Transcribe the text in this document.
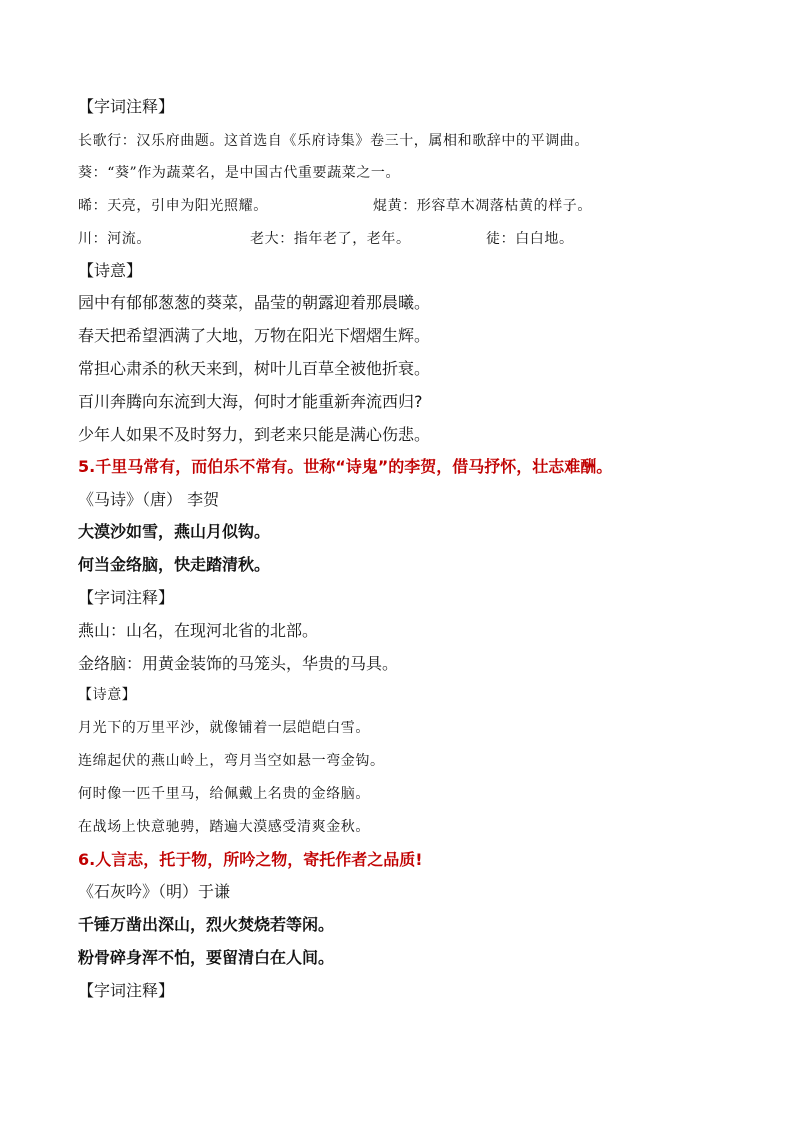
【字词注释】
长歌行：汉乐府曲题。这首选自《乐府诗集》卷三十，属相和歌辞中的平调曲。
葵：“葵”作为蔬菜名，是中国古代重要蔬菜之一。
晞：天亮，引申为阳光照耀。	焜黄：形容草木凋落枯黄的样子。
川：河流。	老大：指年老了，老年。	徒：白白地。
【诗意】
园中有郁郁葱葱的葵菜，晶莹的朝露迎着那晨曦。
春天把希望洒满了大地，万物在阳光下熠熠生辉。
常担心肃杀的秋天来到，树叶儿百草全被他折衰。
百川奔腾向东流到大海，何时才能重新奔流西归?
少年人如果不及时努力，到老来只能是满心伤悲。
5.千里马常有，而伯乐不常有。世称“诗鬼”的李贺，借马抒怀，壮志难酬。
《马诗》（唐） 李贺
大漠沙如雪，燕山月似钩。
何当金络脑，快走踏清秋。
【字词注释】
燕山：山名，在现河北省的北部。
金络脑：用黄金装饰的马笼头，华贵的马具。
【诗意】
月光下的万里平沙，就像铺着一层皑皑白雪。
连绵起伏的燕山岭上，弯月当空如悬一弯金钩。
何时像一匹千里马，给佩戴上名贵的金络脑。
在战场上快意驰骋，踏遍大漠感受清爽金秋。
6.人言志，托于物，所吟之物，寄托作者之品质!
《石灰吟》（明）于谦
千锤万凿出深山，烈火焚烧若等闲。
粉骨碎身浑不怕，要留清白在人间。
【字词注释】
